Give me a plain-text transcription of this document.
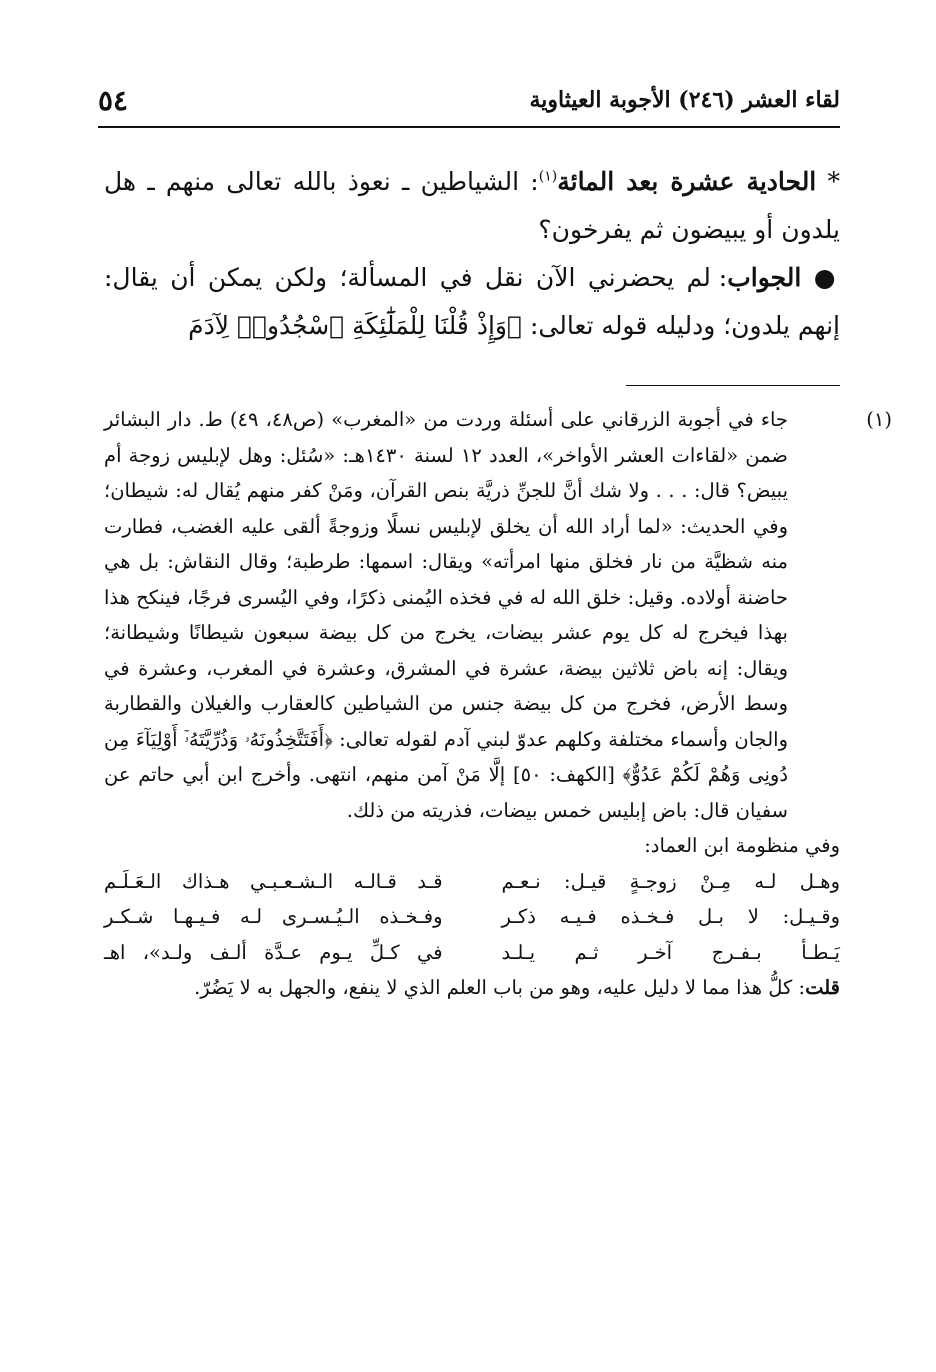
٥٤	لقاء العشر (٢٤٦) الأجوبة العيثاوية

* الحادية عشرة بعد المائة$^{(١)}$: الشياطين ـ نعوذ بالله تعالى منهم ـ هل يلدون أو يبيضون ثم يفرخون؟

● الجواب: لم يحضرني الآن نقل في المسألة؛ ولكن يمكن أن يقال: إنهم يلدون؛ ودليله قوله تعالى: ﴿وَإِذْ قُلْنَا لِلْمَلَٰٓئِكَةِ ٱسْجُدُوا۟ لِآدَمَ

(١)
جاء في أجوبة الزرقاني على أسئلة وردت من «المغرب» (ص٤٨، ٤٩) ط. دار البشائر ضمن «لقاءات العشر الأواخر»، العدد ١٢ لسنة ١٤٣٠هـ: «سُئل: وهل لإبليس زوجة أم يبيض؟ قال: . . . ولا شك أنَّ للجنِّ ذريَّة بنص القرآن، ومَنْ كفر منهم يُقال له: شيطان؛ وفي الحديث: «لما أراد الله أن يخلق لإبليس نسلًا وزوجةً ألقى عليه الغضب، فطارت منه شظيَّة من نار فخلق منها امرأته» ويقال: اسمها: طرطبة؛ وقال النقاش: بل هي حاضنة أولاده. وقيل: خلق الله له في فخذه اليُمنى ذكرًا، وفي اليُسرى فرجًا، فينكح هذا بهذا فيخرج له كل يوم عشر بيضات، يخرج من كل بيضة سبعون شيطانًا وشيطانة؛ ويقال: إنه باض ثلاثين بيضة، عشرة في المشرق، وعشرة في المغرب، وعشرة في وسط الأرض، فخرج من كل بيضة جنس من الشياطين كالعقارب والغيلان والقطاربة والجان وأسماء مختلفة وكلهم عدوّ لبني آدم لقوله تعالى: ﴿أَفَتَتَّخِذُونَهُۥ وَذُرِّيَّتَهُۥٓ أَوْلِيَآءَ مِن دُونِى وَهُمْ لَكُمْ عَدُوٌّ﴾ [الكهف: ٥٠] إلَّا مَنْ آمن منهم، انتهى. وأخرج ابن أبي حاتم عن سفيان قال: باض إبليس خمس بيضات، فذريته من ذلك.

وفي منظومة ابن العماد:

وهـل لـه مِـنْ زوجـةٍ قيـل: نـعـم
قـد قـالـه الـشـعـبـي هـذاك الـعَـلَـم
وقـيـل: لا بـل فـخـذه فـيـه ذكـر
وفـخـذه الـيُـسـرى لـه فـيـهـا شـكـر
يَـطـأ بـفـرج آخـر ثـم يـلـد
في كـلِّ يـوم عـدَّة ألـف ولـد»، اهـ

قلت: كلُّ هذا مما لا دليل عليه، وهو من باب العلم الذي لا ينفع، والجهل به لا يَضُرّ.
